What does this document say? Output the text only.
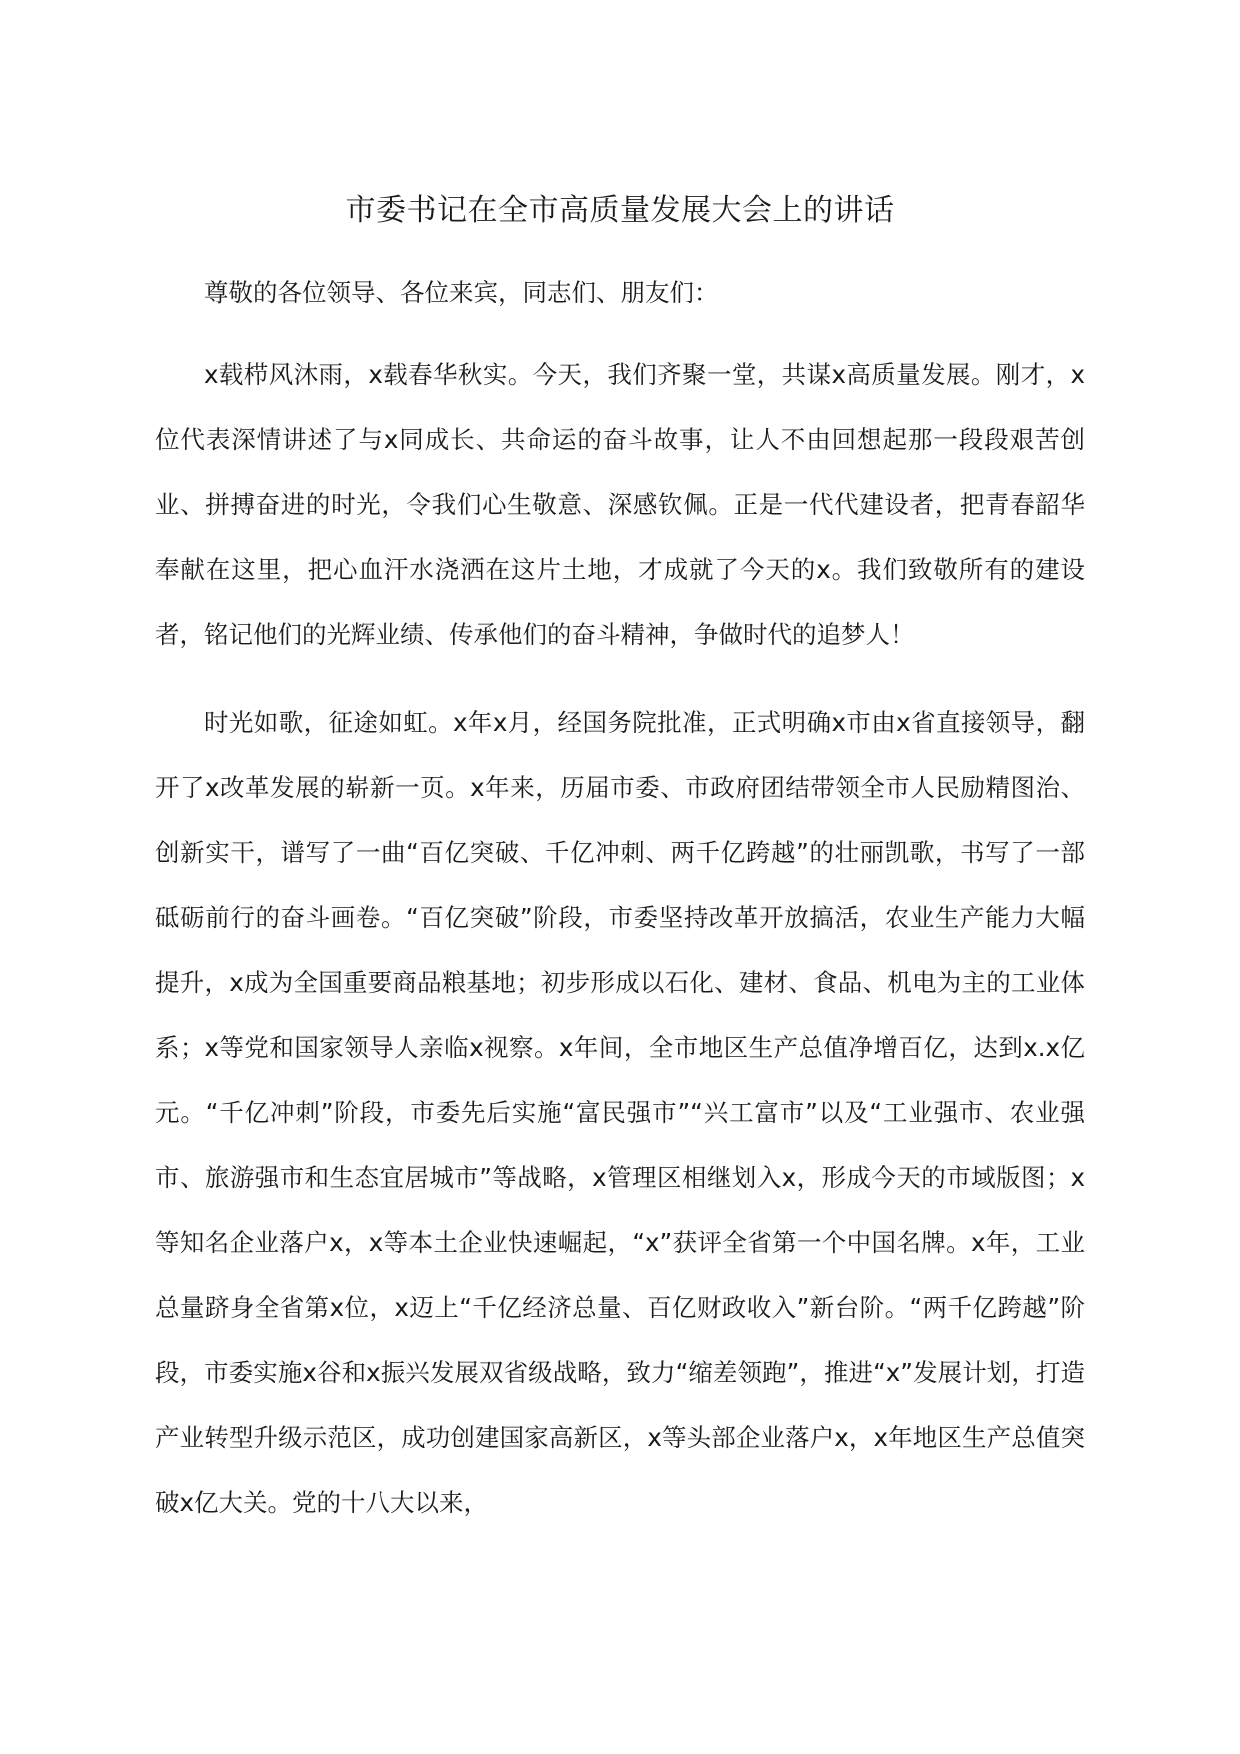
市委书记在全市高质量发展大会上的讲话

尊敬的各位领导、各位来宾，同志们、朋友们：

x载栉风沐雨，x载春华秋实。今天，我们齐聚一堂，共谋x高质量发展。刚才，x位代表深情讲述了与x同成长、共命运的奋斗故事，让人不由回想起那一段段艰苦创业、拼搏奋进的时光，令我们心生敬意、深感钦佩。正是一代代建设者，把青春韶华奉献在这里，把心血汗水浇洒在这片土地，才成就了今天的x。我们致敬所有的建设者，铭记他们的光辉业绩、传承他们的奋斗精神，争做时代的追梦人！

时光如歌，征途如虹。x年x月，经国务院批准，正式明确x市由x省直接领导，翻开了x改革发展的崭新一页。x年来，历届市委、市政府团结带领全市人民励精图治、创新实干，谱写了一曲“百亿突破、千亿冲刺、两千亿跨越”的壮丽凯歌，书写了一部砥砺前行的奋斗画卷。“百亿突破”阶段，市委坚持改革开放搞活，农业生产能力大幅提升，x成为全国重要商品粮基地；初步形成以石化、建材、食品、机电为主的工业体系；x等党和国家领导人亲临x视察。x年间，全市地区生产总值净增百亿，达到x.x亿元。“千亿冲刺”阶段，市委先后实施“富民强市”“兴工富市”以及“工业强市、农业强市、旅游强市和生态宜居城市”等战略，x管理区相继划入x，形成今天的市域版图；x等知名企业落户x，x等本土企业快速崛起，“x”获评全省第一个中国名牌。x年，工业总量跻身全省第x位，x迈上“千亿经济总量、百亿财政收入”新台阶。“两千亿跨越”阶段，市委实施x谷和x振兴发展双省级战略，致力“缩差领跑”，推进“x”发展计划，打造产业转型升级示范区，成功创建国家高新区，x等头部企业落户x，x年地区生产总值突破x亿大关。党的十八大以来，
